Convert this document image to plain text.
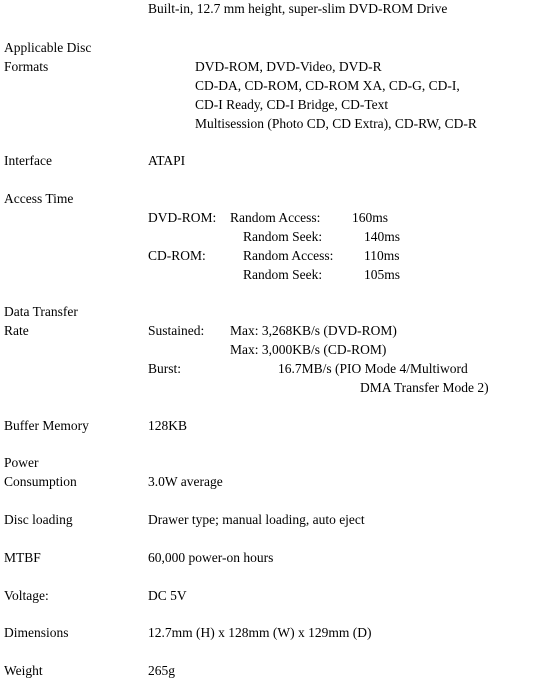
Built-in, 12.7 mm height, super-slim DVD-ROM Drive
Applicable Disc
Formats	DVD-ROM, DVD-Video, DVD-R
CD-DA, CD-ROM, CD-ROM XA, CD-G, CD-I,
CD-I Ready, CD-I Bridge, CD-Text
Multisession (Photo CD, CD Extra), CD-RW, CD-R
Interface	ATAPI
Access Time
DVD-ROM: Random Access: 160ms
Random Seek:	140ms
CD-ROM:	Random Access: 110ms
Random Seek:	105ms
Data Transfer
Rate	Sustained: Max: 3,268KB/s (DVD-ROM)
Max: 3,000KB/s (CD-ROM)
Burst:	16.7MB/s (PIO Mode 4/Multiword
DMA Transfer Mode 2)
Buffer Memory	128KB
Power
Consumption	3.0W average
Disc loading	Drawer type; manual loading, auto eject
MTBF	60,000 power-on hours
Voltage:	DC 5V
Dimensions	12.7mm (H) x 128mm (W) x 129mm (D)
Weight	265g
